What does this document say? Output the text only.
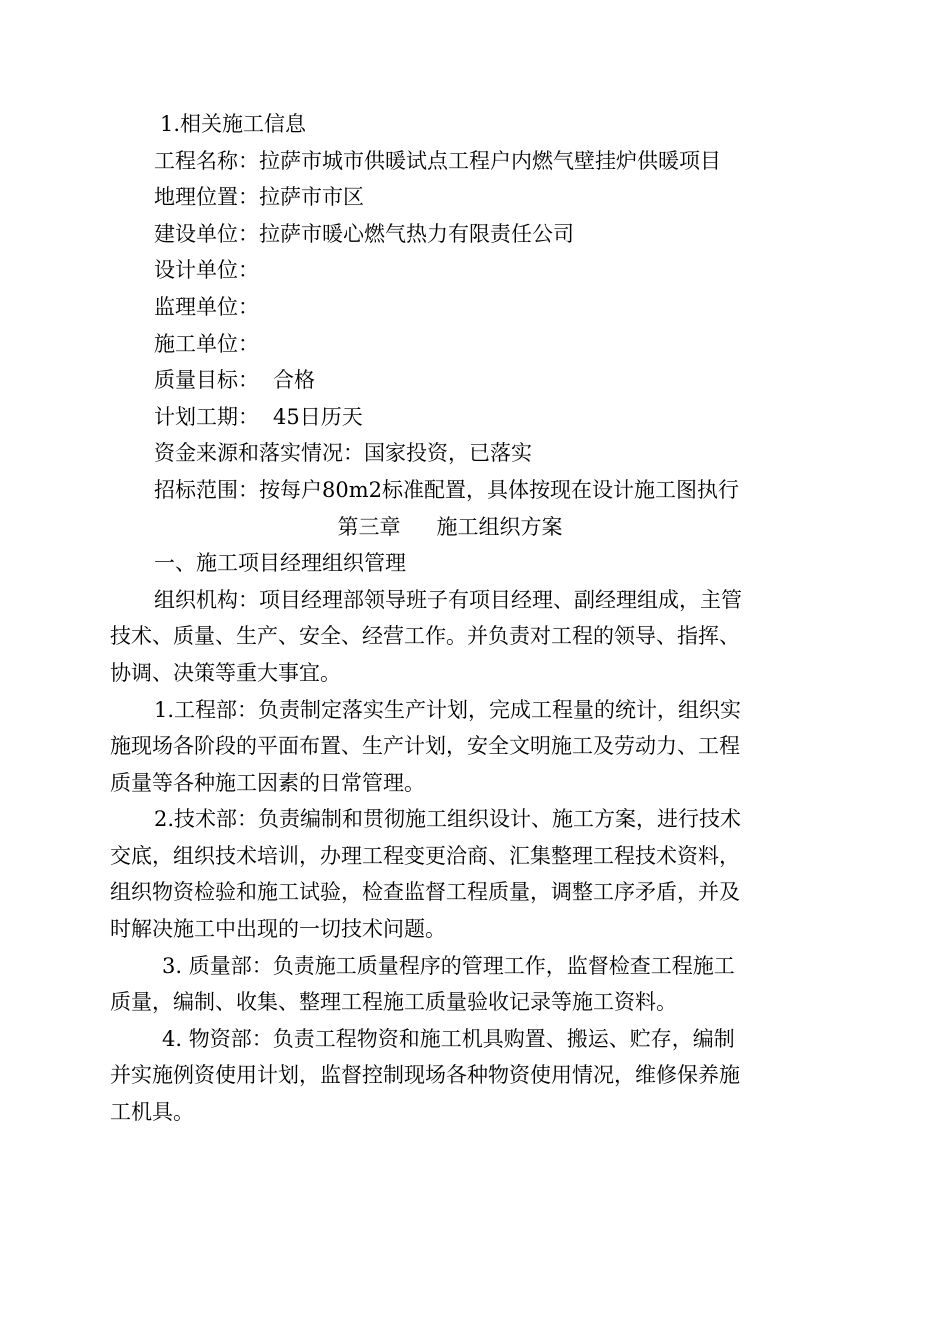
1.相关施工信息

工程名称：拉萨市城市供暖试点工程户内燃气壁挂炉供暖项目

地理位置：拉萨市市区

建设单位：拉萨市暖心燃气热力有限责任公司

设计单位：

监理单位：

施工单位：

质量目标： 合格

计划工期： 45日历天

资金来源和落实情况：国家投资，已落实

招标范围：按每户80m2标准配置，具体按现在设计施工图执行

第三章 施工组织方案

一、施工项目经理组织管理

组织机构：项目经理部领导班子有项目经理、副经理组成，主管技术、质量、生产、安全、经营工作。并负责对工程的领导、指挥、协调、决策等重大事宜。

1.工程部：负责制定落实生产计划，完成工程量的统计，组织实施现场各阶段的平面布置、生产计划，安全文明施工及劳动力、工程质量等各种施工因素的日常管理。

2.技术部：负责编制和贯彻施工组织设计、施工方案，进行技术交底，组织技术培训，办理工程变更洽商、汇集整理工程技术资料，组织物资检验和施工试验，检查监督工程质量，调整工序矛盾，并及时解决施工中出现的一切技术问题。

3. 质量部：负责施工质量程序的管理工作，监督检查工程施工质量，编制、收集、整理工程施工质量验收记录等施工资料。

4. 物资部：负责工程物资和施工机具购置、搬运、贮存，编制并实施例资使用计划，监督控制现场各种物资使用情况，维修保养施工机具。
